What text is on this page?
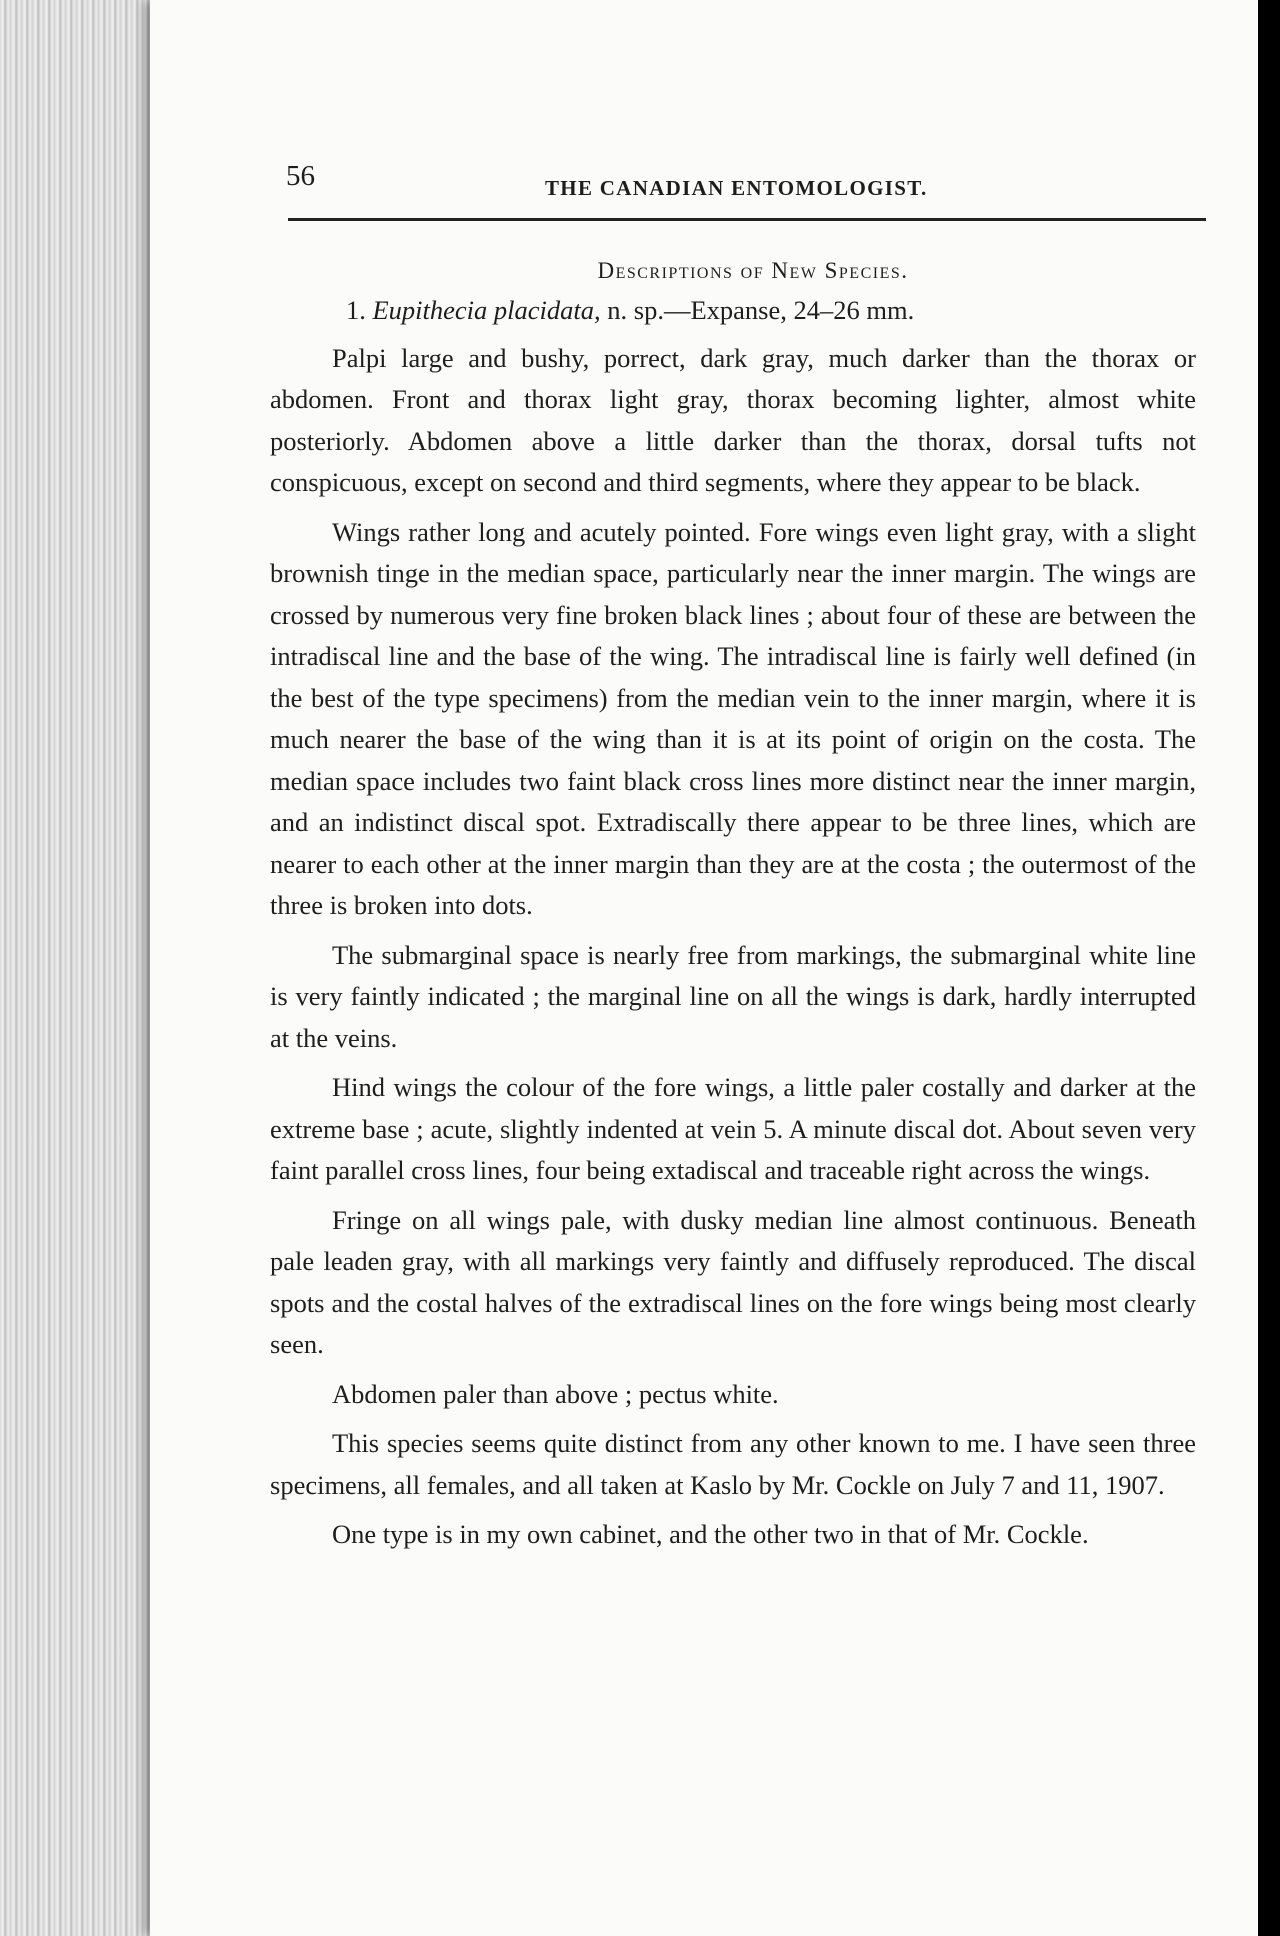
56	THE CANADIAN ENTOMOLOGIST.

Descriptions of New Species.

1. Eupithecia placidata, n. sp.—Expanse, 24–26 mm.

Palpi large and bushy, porrect, dark gray, much darker than the thorax or abdomen. Front and thorax light gray, thorax becoming lighter, almost white posteriorly. Abdomen above a little darker than the thorax, dorsal tufts not conspicuous, except on second and third segments, where they appear to be black.

Wings rather long and acutely pointed. Fore wings even light gray, with a slight brownish tinge in the median space, particularly near the inner margin. The wings are crossed by numerous very fine broken black lines ; about four of these are between the intradiscal line and the base of the wing. The intradiscal line is fairly well defined (in the best of the type specimens) from the median vein to the inner margin, where it is much nearer the base of the wing than it is at its point of origin on the costa. The median space includes two faint black cross lines more distinct near the inner margin, and an indistinct discal spot. Extradiscally there appear to be three lines, which are nearer to each other at the inner margin than they are at the costa ; the outermost of the three is broken into dots.

The submarginal space is nearly free from markings, the submarginal white line is very faintly indicated ; the marginal line on all the wings is dark, hardly interrupted at the veins.

Hind wings the colour of the fore wings, a little paler costally and darker at the extreme base ; acute, slightly indented at vein 5. A minute discal dot. About seven very faint parallel cross lines, four being extadiscal and traceable right across the wings.

Fringe on all wings pale, with dusky median line almost continuous. Beneath pale leaden gray, with all markings very faintly and diffusely reproduced. The discal spots and the costal halves of the extradiscal lines on the fore wings being most clearly seen.

Abdomen paler than above ; pectus white.

This species seems quite distinct from any other known to me. I have seen three specimens, all females, and all taken at Kaslo by Mr. Cockle on July 7 and 11, 1907.

One type is in my own cabinet, and the other two in that of Mr. Cockle.
